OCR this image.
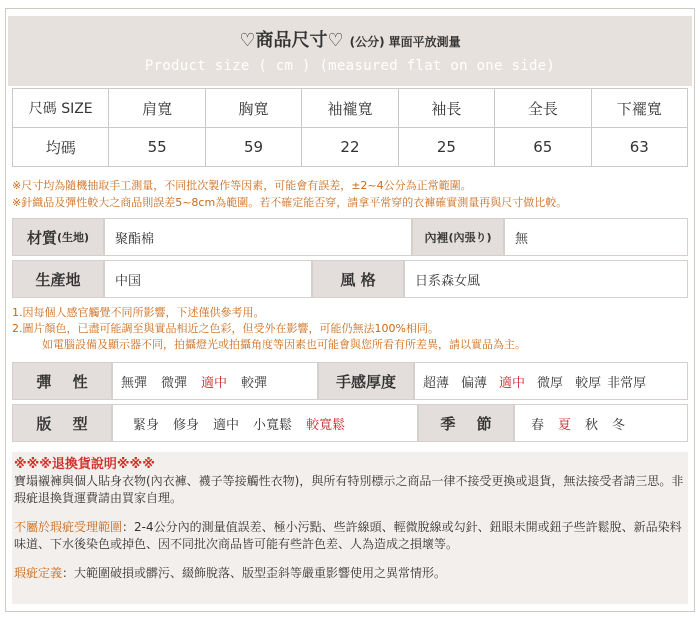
♡商品尺寸♡ (公分) 單面平放測量
Product size ( cm ) (measured flat on one side)
尺碼 SIZE	肩寬	胸寬	袖襱寬	袖長	全長	下襬寬
均碼	55	59	22	25	65	63
※尺寸均為隨機抽取手工測量，不同批次製作等因素，可能會有誤差，±2~4公分為正常範圍。
※針織品及彈性較大之商品則誤差5~8cm為範圍。若不確定能否穿，請拿平常穿的衣褲確實測量再與尺寸做比較。
材質 (生地)	聚酯棉	內裡 (內張り)	無
生產地	中国	風 格	日系森女風
1.因每個人感官觸覺不同所影響，下述僅供參考用。
2.圖片顏色，已盡可能調至與實品相近之色彩，但受外在影響，可能仍無法100%相同。
如電腦設備及顯示器不同，拍攝燈光或拍攝角度等因素也可能會與您所看有所差異，請以實品為主。
彈 性	無彈 微彈 適中 較彈	手感厚度	超薄 偏薄 適中 微厚 較厚 非常厚
版 型	緊身 修身 適中 小寬鬆 較寬鬆	季 節	春 夏 秋 冬
※※※退換貨說明※※※

寶塌襯褲與個人貼身衣物(內衣褲、襪子等接觸性衣物)，與所有特別標示之商品一律不接受更換或退貨，無法接受者請三思。非瑕疵退換貨運費請由買家自理。

不屬於瑕疵受理範圍：2-4公分內的測量值誤差、極小污點、些許線頭、輕微脫線或勾針、鈕眼未開或鈕子些許鬆脫、新品染料味道、下水後染色或掉色、因不同批次商品皆可能有些許色差、人為造成之損壞等。

瑕疵定義：大範圍破損或髒污、綴飾脫落、版型歪斜等嚴重影響使用之異常情形。
